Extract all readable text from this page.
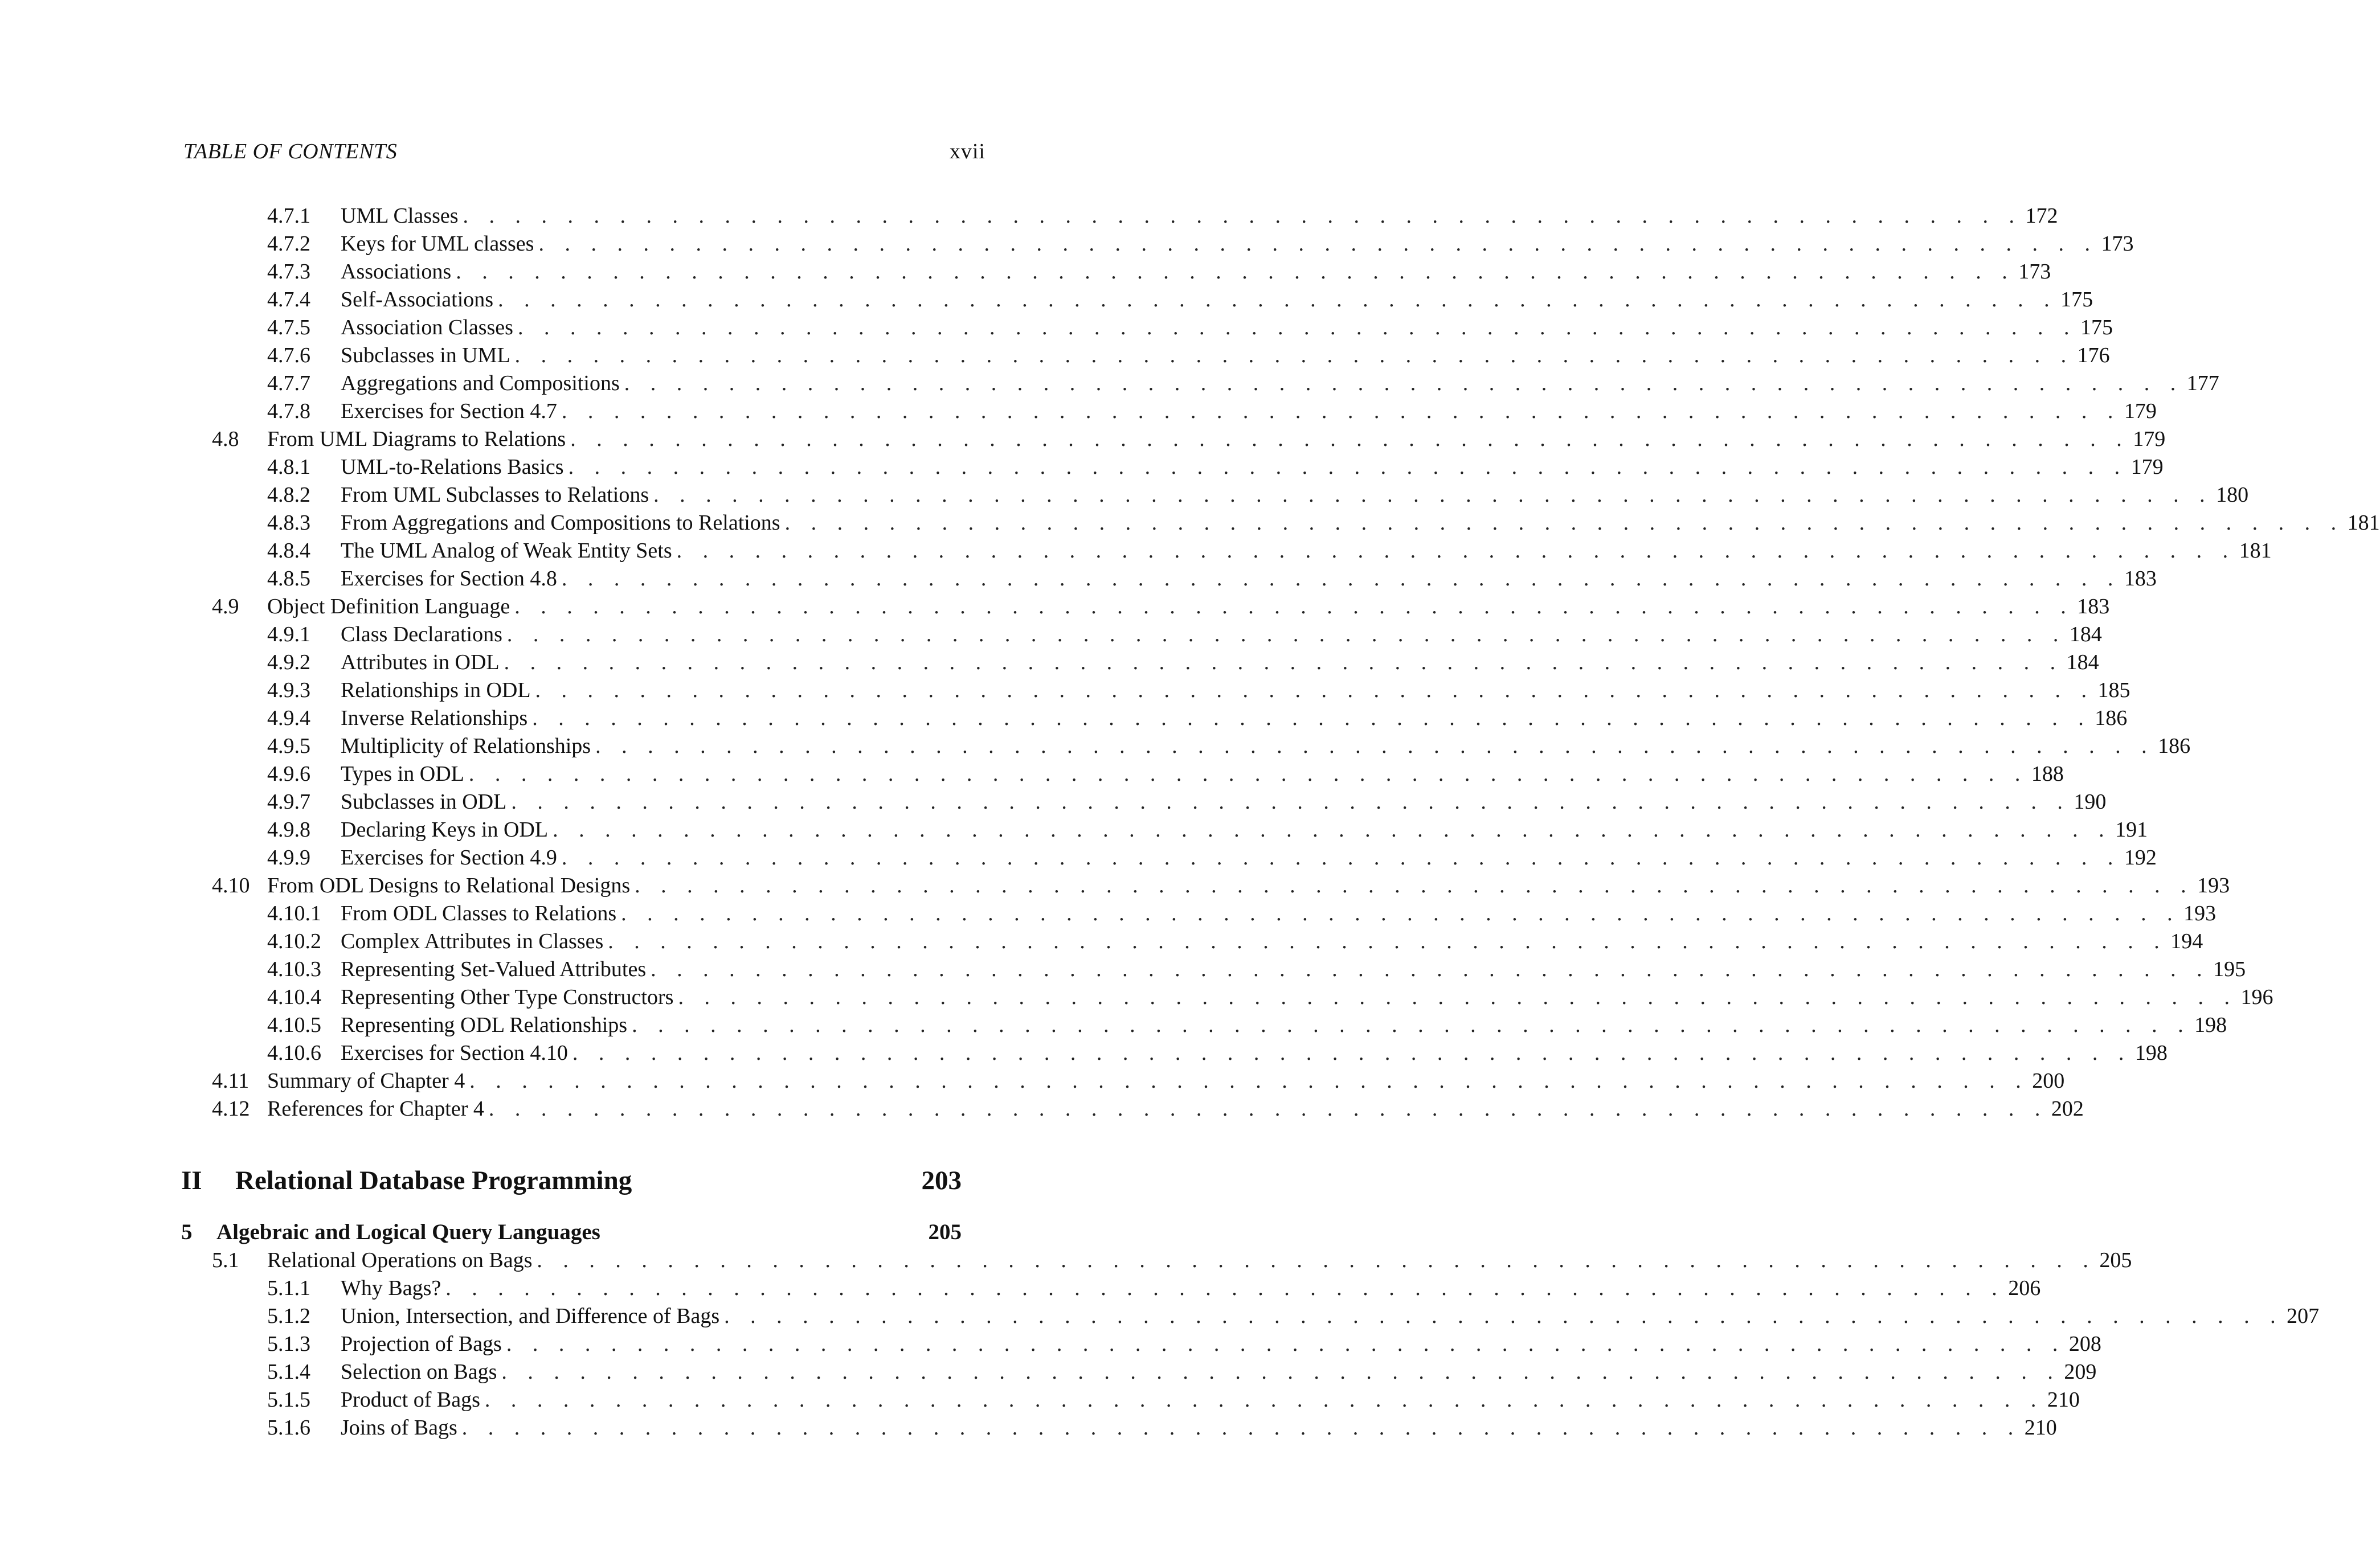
TABLE OF CONTENTS	xvii
4.7.1	UML Classes . . . . . . . . . . . . . . . . . . . . . . . . . . . . . . . . . . . . . . . . . . . . . . . . . . . . . . . . . . . . 172
4.7.2	Keys for UML classes . . . . . . . . . . . . . . . . . . . . . . . . . . . . . . . . . . . . . . . . . . . . . . . . . . . . . . . . . . . . 173
4.7.3	Associations . . . . . . . . . . . . . . . . . . . . . . . . . . . . . . . . . . . . . . . . . . . . . . . . . . . . . . . . . . . . 173
4.7.4	Self-Associations . . . . . . . . . . . . . . . . . . . . . . . . . . . . . . . . . . . . . . . . . . . . . . . . . . . . . . . . . . . . 175
4.7.5	Association Classes . . . . . . . . . . . . . . . . . . . . . . . . . . . . . . . . . . . . . . . . . . . . . . . . . . . . . . . . . . . . 175
4.7.6	Subclasses in UML . . . . . . . . . . . . . . . . . . . . . . . . . . . . . . . . . . . . . . . . . . . . . . . . . . . . . . . . . . . . 176
4.7.7	Aggregations and Compositions . . . . . . . . . . . . . . . . . . . . . . . . . . . . . . . . . . . . . . . . . . . . . . . . . . . . . . . . . . . . 177
4.7.8	Exercises for Section 4.7 . . . . . . . . . . . . . . . . . . . . . . . . . . . . . . . . . . . . . . . . . . . . . . . . . . . . . . . . . . . . 179
4.8	From UML Diagrams to Relations . . . . . . . . . . . . . . . . . . . . . . . . . . . . . . . . . . . . . . . . . . . . . . . . . . . . . . . . . . . . 179
4.8.1	UML-to-Relations Basics . . . . . . . . . . . . . . . . . . . . . . . . . . . . . . . . . . . . . . . . . . . . . . . . . . . . . . . . . . . . 179
4.8.2	From UML Subclasses to Relations . . . . . . . . . . . . . . . . . . . . . . . . . . . . . . . . . . . . . . . . . . . . . . . . . . . . . . . . . . . . 180
4.8.3	From Aggregations and Compositions to Relations . . . . . . . . . . . . . . . . . . . . . . . . . . . . . . . . . . . . . . . . . . . . . . . . . . . . . . . . . . . . 181
4.8.4	The UML Analog of Weak Entity Sets . . . . . . . . . . . . . . . . . . . . . . . . . . . . . . . . . . . . . . . . . . . . . . . . . . . . . . . . . . . . 181
4.8.5	Exercises for Section 4.8 . . . . . . . . . . . . . . . . . . . . . . . . . . . . . . . . . . . . . . . . . . . . . . . . . . . . . . . . . . . . 183
4.9	Object Definition Language . . . . . . . . . . . . . . . . . . . . . . . . . . . . . . . . . . . . . . . . . . . . . . . . . . . . . . . . . . . . 183
4.9.1	Class Declarations . . . . . . . . . . . . . . . . . . . . . . . . . . . . . . . . . . . . . . . . . . . . . . . . . . . . . . . . . . . . 184
4.9.2	Attributes in ODL . . . . . . . . . . . . . . . . . . . . . . . . . . . . . . . . . . . . . . . . . . . . . . . . . . . . . . . . . . . . 184
4.9.3	Relationships in ODL . . . . . . . . . . . . . . . . . . . . . . . . . . . . . . . . . . . . . . . . . . . . . . . . . . . . . . . . . . . . 185
4.9.4	Inverse Relationships . . . . . . . . . . . . . . . . . . . . . . . . . . . . . . . . . . . . . . . . . . . . . . . . . . . . . . . . . . . . 186
4.9.5	Multiplicity of Relationships . . . . . . . . . . . . . . . . . . . . . . . . . . . . . . . . . . . . . . . . . . . . . . . . . . . . . . . . . . . . 186
4.9.6	Types in ODL . . . . . . . . . . . . . . . . . . . . . . . . . . . . . . . . . . . . . . . . . . . . . . . . . . . . . . . . . . . . 188
4.9.7	Subclasses in ODL . . . . . . . . . . . . . . . . . . . . . . . . . . . . . . . . . . . . . . . . . . . . . . . . . . . . . . . . . . . . 190
4.9.8	Declaring Keys in ODL . . . . . . . . . . . . . . . . . . . . . . . . . . . . . . . . . . . . . . . . . . . . . . . . . . . . . . . . . . . . 191
4.9.9	Exercises for Section 4.9 . . . . . . . . . . . . . . . . . . . . . . . . . . . . . . . . . . . . . . . . . . . . . . . . . . . . . . . . . . . . 192
4.10 From ODL Designs to Relational Designs . . . . . . . . . . . . . . . . . . . . . . . . . . . . . . . . . . . . . . . . . . . . . . . . . . . . . . . . . . . . 193
4.10.1 From ODL Classes to Relations . . . . . . . . . . . . . . . . . . . . . . . . . . . . . . . . . . . . . . . . . . . . . . . . . . . . . . . . . . . . 193
4.10.2 Complex Attributes in Classes . . . . . . . . . . . . . . . . . . . . . . . . . . . . . . . . . . . . . . . . . . . . . . . . . . . . . . . . . . . . 194
4.10.3 Representing Set-Valued Attributes . . . . . . . . . . . . . . . . . . . . . . . . . . . . . . . . . . . . . . . . . . . . . . . . . . . . . . . . . . . . 195
4.10.4 Representing Other Type Constructors . . . . . . . . . . . . . . . . . . . . . . . . . . . . . . . . . . . . . . . . . . . . . . . . . . . . . . . . . . . . 196
4.10.5 Representing ODL Relationships . . . . . . . . . . . . . . . . . . . . . . . . . . . . . . . . . . . . . . . . . . . . . . . . . . . . . . . . . . . . 198
4.10.6 Exercises for Section 4.10 . . . . . . . . . . . . . . . . . . . . . . . . . . . . . . . . . . . . . . . . . . . . . . . . . . . . . . . . . . . . 198
4.11 Summary of Chapter 4 . . . . . . . . . . . . . . . . . . . . . . . . . . . . . . . . . . . . . . . . . . . . . . . . . . . . . . . . . . . . 200
4.12 References for Chapter 4 . . . . . . . . . . . . . . . . . . . . . . . . . . . . . . . . . . . . . . . . . . . . . . . . . . . . . . . . . . . . 202
II	Relational Database Programming	203
5	Algebraic and Logical Query Languages	205
5.1	Relational Operations on Bags . . . . . . . . . . . . . . . . . . . . . . . . . . . . . . . . . . . . . . . . . . . . . . . . . . . . . . . . . . . . 205
5.1.1	Why Bags? . . . . . . . . . . . . . . . . . . . . . . . . . . . . . . . . . . . . . . . . . . . . . . . . . . . . . . . . . . . . 206
5.1.2	Union, Intersection, and Difference of Bags . . . . . . . . . . . . . . . . . . . . . . . . . . . . . . . . . . . . . . . . . . . . . . . . . . . . . . . . . . . . 207
5.1.3	Projection of Bags . . . . . . . . . . . . . . . . . . . . . . . . . . . . . . . . . . . . . . . . . . . . . . . . . . . . . . . . . . . . 208
5.1.4	Selection on Bags . . . . . . . . . . . . . . . . . . . . . . . . . . . . . . . . . . . . . . . . . . . . . . . . . . . . . . . . . . . . 209
5.1.5	Product of Bags . . . . . . . . . . . . . . . . . . . . . . . . . . . . . . . . . . . . . . . . . . . . . . . . . . . . . . . . . . . . 210
5.1.6	Joins of Bags . . . . . . . . . . . . . . . . . . . . . . . . . . . . . . . . . . . . . . . . . . . . . . . . . . . . . . . . . . . . 210
